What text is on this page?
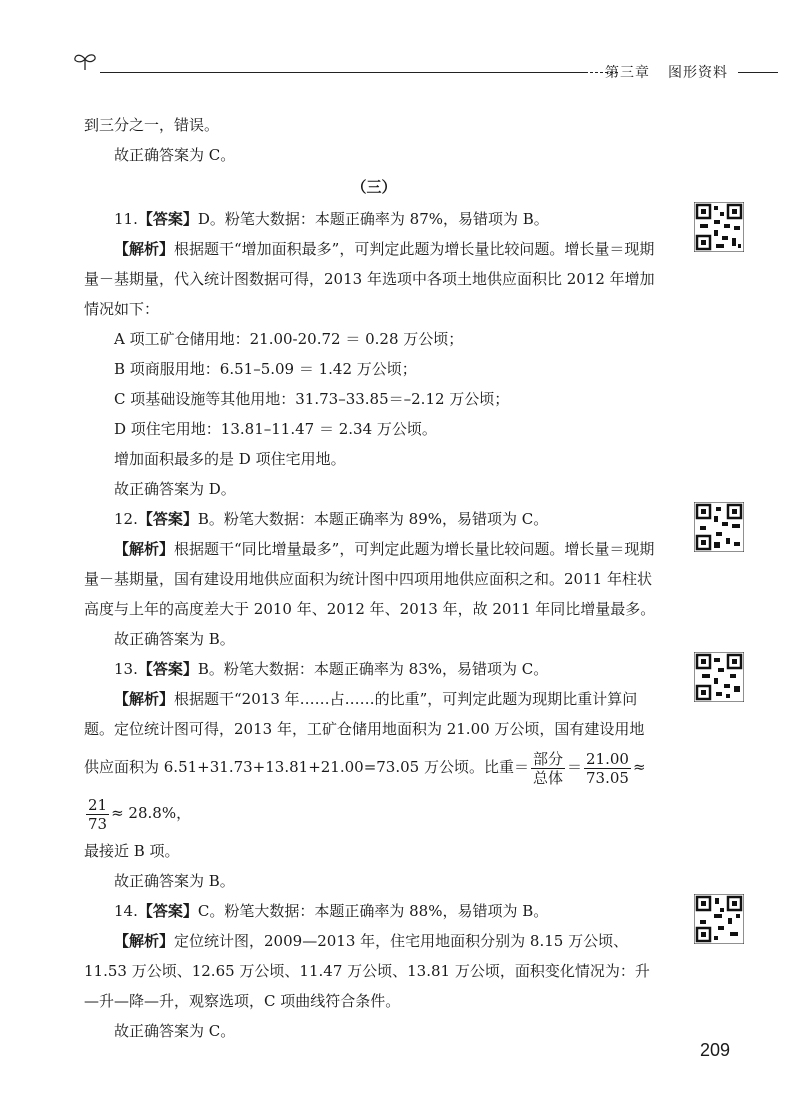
第三章 图形资料

到三分之一，错误。

故正确答案为 C。

（三）

11.【答案】D。粉笔大数据：本题正确率为 87%，易错项为 B。

【解析】根据题干“增加面积最多”，可判定此题为增长量比较问题。增长量＝现期量－基期量，代入统计图数据可得，2013 年选项中各项土地供应面积比 2012 年增加情况如下：

A 项工矿仓储用地：21.00-20.72 ＝ 0.28 万公顷；

B 项商服用地：6.51–5.09 ＝ 1.42 万公顷；

C 项基础设施等其他用地：31.73–33.85＝–2.12 万公顷；

D 项住宅用地：13.81–11.47 ＝ 2.34 万公顷。

增加面积最多的是 D 项住宅用地。

故正确答案为 D。

12.【答案】B。粉笔大数据：本题正确率为 89%，易错项为 C。

【解析】根据题干“同比增量最多”，可判定此题为增长量比较问题。增长量＝现期量－基期量，国有建设用地供应面积为统计图中四项用地供应面积之和。2011 年柱状高度与上年的高度差大于 2010 年、2012 年、2013 年，故 2011 年同比增量最多。

故正确答案为 B。

13.【答案】B。粉笔大数据：本题正确率为 83%，易错项为 C。

【解析】根据题干“2013 年……占……的比重”，可判定此题为现期比重计算问题。定位统计图可得，2013 年，工矿仓储用地面积为 21.00 万公顷，国有建设用地

供应面积为 6.51+31.73+13.81+21.00=73.05 万公顷。比重＝ $\frac{\text{部分}}{\text{总体}} = \frac{21.00}{73.05}$ ≈
$\frac{21}{73} \approx 28.8\%$，

最接近 B 项。

故正确答案为 B。

14.【答案】C。粉笔大数据：本题正确率为 88%，易错项为 B。

【解析】定位统计图，2009—2013 年，住宅用地面积分别为 8.15 万公顷、11.53 万公顷、12.65 万公顷、11.47 万公顷、13.81 万公顷，面积变化情况为：升—升—降—升，观察选项，C 项曲线符合条件。

故正确答案为 C。

209
